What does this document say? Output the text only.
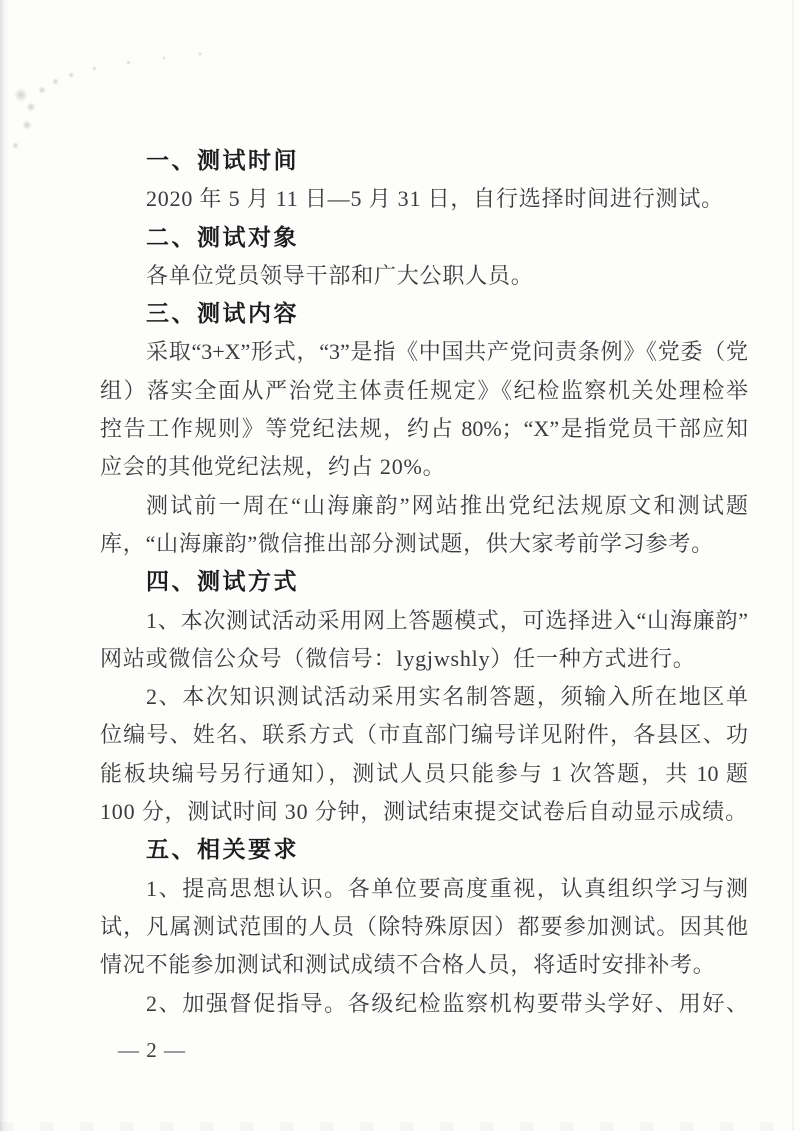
一、测试时间
2020 年 5 月 11 日—5 月 31 日，自行选择时间进行测试。
二、测试对象
各单位党员领导干部和广大公职人员。
三、测试内容
采取“3+X”形式，“3”是指《中国共产党问责条例》《党委（党
组）落实全面从严治党主体责任规定》《纪检监察机关处理检举
控告工作规则》等党纪法规，约占 80%；“X”是指党员干部应知
应会的其他党纪法规，约占 20%。
测试前一周在“山海廉韵”网站推出党纪法规原文和测试题
库，“山海廉韵”微信推出部分测试题，供大家考前学习参考。
四、测试方式
1、本次测试活动采用网上答题模式，可选择进入“山海廉韵”
网站或微信公众号（微信号：lygjwshly）任一种方式进行。
2、本次知识测试活动采用实名制答题，须输入所在地区单
位编号、姓名、联系方式（市直部门编号详见附件，各县区、功
能板块编号另行通知），测试人员只能参与 1 次答题，共 10 题
100 分，测试时间 30 分钟，测试结束提交试卷后自动显示成绩。
五、相关要求
1、提高思想认识。各单位要高度重视，认真组织学习与测
试，凡属测试范围的人员（除特殊原因）都要参加测试。因其他
情况不能参加测试和测试成绩不合格人员，将适时安排补考。
2、加强督促指导。各级纪检监察机构要带头学好、用好、
— 2 —
